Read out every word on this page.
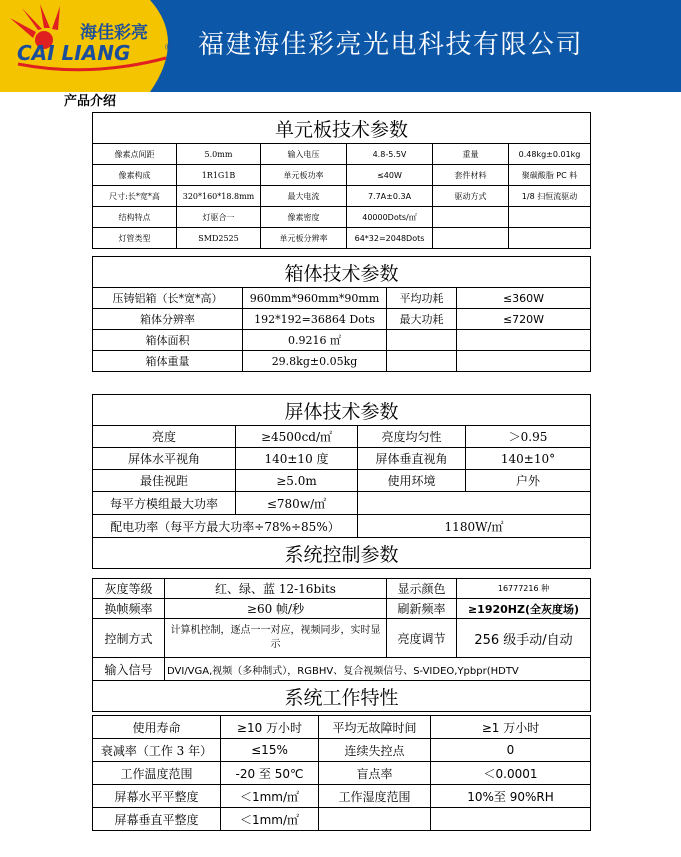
海佳彩亮
CAI LIANG	® 福建海佳彩亮光电科技有限公司
产品介绍
单元板技术参数					
像素点间距	5.0mm	输入电压	4.8-5.5V	重量	0.48kg±0.01kg
像素构成	1R1G1B	单元板功率	≤40W	套件材料	聚碳酸脂 PC 料
尺寸:长*宽*高	320*160*18.8mm	最大电流	7.7A±0.3A	驱动方式	1/8 扫恒流驱动
结构特点	灯驱合一	像素密度	40000Dots/㎡		
灯管类型	SMD2525	单元板分辨率	64*32=2048Dots		
箱体技术参数			
压铸铝箱（长*宽*高）	960mm*960mm*90mm	平均功耗	≤360W
箱体分辨率	192*192=36864 Dots	最大功耗	≤720W
箱体面积	0.9216 ㎡		
箱体重量	29.8kg±0.05kg		
屏体技术参数			
亮度	≥4500cd/㎡	亮度均匀性	＞0.95
屏体水平视角	140±10 度	屏体垂直视角	140±10°
最佳视距	≥5.0m	使用环境	户外
每平方模组最大功率	≤780w/㎡		
配电功率（每平方最大功率÷78%÷85%）		1180W/㎡	
系统控制参数			
灰度等级	红、绿、蓝 12-16bits	显示颜色	16777216 种
换帧频率	≥60 帧/秒	刷新频率	≥1920HZ(全灰度场)
控制方式	计算机控制，逐点一一对应，视频同步，实时显示	亮度调节	256 级手动/自动
输入信号	DVI/VGA,视频（多种制式），RGBHV、复合视频信号、S-VIDEO,Ypbpr(HDTV		
系统工作特性			
使用寿命	≥10 万小时	平均无故障时间	≥1 万小时
衰减率（工作 3 年）	≤15%	连续失控点	0
工作温度范围	-20 至 50℃	盲点率	＜0.0001
屏幕水平平整度	＜1mm/㎡	工作湿度范围	10%至 90%RH
屏幕垂直平整度	＜1mm/㎡		
